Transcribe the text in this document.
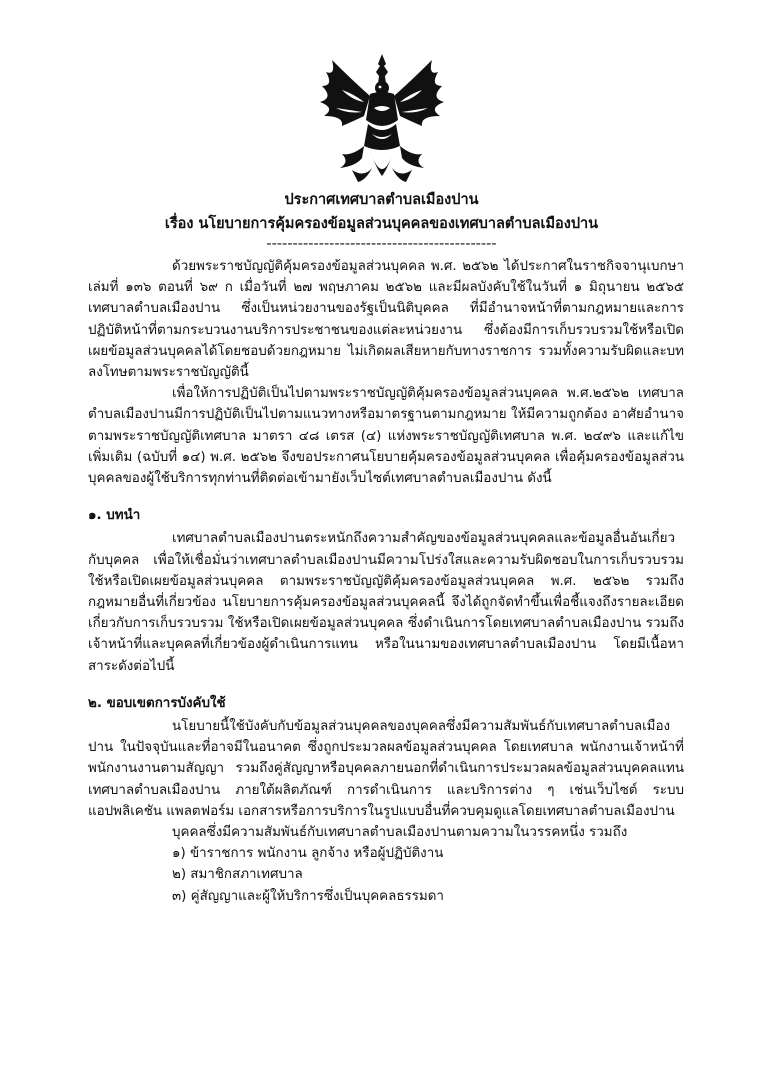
ประกาศเทศบาลตำบลเมืองปาน
เรื่อง นโยบายการคุ้มครองข้อมูลส่วนบุคคลของเทศบาลตำบลเมืองปาน
--------------------------------------------

ด้วยพระราชบัญญัติคุ้มครองข้อมูลส่วนบุคคล พ.ศ. ๒๕๖๒ ได้ประกาศในราชกิจจานุเบกษา เล่มที่ ๑๓๖ ตอนที่ ๖๙ ก เมื่อวันที่ ๒๗ พฤษภาคม ๒๕๖๒ และมีผลบังคับใช้ในวันที่ ๑ มิถุนายน ๒๕๖๕ เทศบาลตำบลเมืองปาน ซึ่งเป็นหน่วยงานของรัฐเป็นนิติบุคคล ที่มีอำนาจหน้าที่ตามกฎหมายและการปฏิบัติหน้าที่ตามกระบวนงานบริการประชาชนของแต่ละหน่วยงาน ซึ่งต้องมีการเก็บรวบรวมใช้หรือเปิดเผยข้อมูลส่วนบุคคลได้โดยชอบด้วยกฎหมาย ไม่เกิดผลเสียหายกับทางราชการ รวมทั้งความรับผิดและบทลงโทษตามพระราชบัญญัตินี้

เพื่อให้การปฏิบัติเป็นไปตามพระราชบัญญัติคุ้มครองข้อมูลส่วนบุคคล พ.ศ.๒๕๖๒ เทศบาลตำบลเมืองปานมีการปฏิบัติเป็นไปตามแนวทางหรือมาตรฐานตามกฎหมาย ให้มีความถูกต้อง อาศัยอำนาจตามพระราชบัญญัติเทศบาล มาตรา ๔๘ เตรส (๔) แห่งพระราชบัญญัติเทศบาล พ.ศ. ๒๔๙๖ และแก้ไขเพิ่มเติม (ฉบับที่ ๑๔) พ.ศ. ๒๕๖๒ จึงขอประกาศนโยบายคุ้มครองข้อมูลส่วนบุคคล เพื่อคุ้มครองข้อมูลส่วนบุคคลของผู้ใช้บริการทุกท่านที่ติดต่อเข้ามายังเว็บไซต์เทศบาลตำบลเมืองปาน ดังนี้

๑. บทนำ

เทศบาลตำบลเมืองปานตระหนักถึงความสำคัญของข้อมูลส่วนบุคคลและข้อมูลอื่นอันเกี่ยวกับบุคคล เพื่อให้เชื่อมั่นว่าเทศบาลตำบลเมืองปานมีความโปร่งใสและความรับผิดชอบในการเก็บรวบรวม ใช้หรือเปิดเผยข้อมูลส่วนบุคคล ตามพระราชบัญญัติคุ้มครองข้อมูลส่วนบุคคล พ.ศ. ๒๕๖๒ รวมถึงกฎหมายอื่นที่เกี่ยวข้อง นโยบายการคุ้มครองข้อมูลส่วนบุคคลนี้ จึงได้ถูกจัดทำขึ้นเพื่อชี้แจงถึงรายละเอียดเกี่ยวกับการเก็บรวบรวม ใช้หรือเปิดเผยข้อมูลส่วนบุคคล ซึ่งดำเนินการโดยเทศบาลตำบลเมืองปาน รวมถึงเจ้าหน้าที่และบุคคลที่เกี่ยวข้องผู้ดำเนินการแทน หรือในนามของเทศบาลตำบลเมืองปาน โดยมีเนื้อหาสาระดังต่อไปนี้

๒. ขอบเขตการบังคับใช้

นโยบายนี้ใช้บังคับกับข้อมูลส่วนบุคคลของบุคคลซึ่งมีความสัมพันธ์กับเทศบาลตำบลเมืองปาน ในปัจจุบันและที่อาจมีในอนาคต ซึ่งถูกประมวลผลข้อมูลส่วนบุคคล โดยเทศบาล พนักงานเจ้าหน้าที่ พนักงานงานตามสัญญา รวมถึงคู่สัญญาหรือบุคคลภายนอกที่ดำเนินการประมวลผลข้อมูลส่วนบุคคลแทนเทศบาลตำบลเมืองปาน ภายใต้ผลิตภัณฑ์ การดำเนินการ และบริการต่าง ๆ เช่นเว็บไซต์ ระบบ แอปพลิเคชัน แพลตฟอร์ม เอกสารหรือการบริการในรูปแบบอื่นที่ควบคุมดูแลโดยเทศบาลตำบลเมืองปาน

บุคคลซึ่งมีความสัมพันธ์กับเทศบาลตำบลเมืองปานตามความในวรรคหนึ่ง รวมถึง

๑) ข้าราชการ พนักงาน ลูกจ้าง หรือผู้ปฏิบัติงาน

๒) สมาชิกสภาเทศบาล

๓) คู่สัญญาและผู้ให้บริการซึ่งเป็นบุคคลธรรมดา
